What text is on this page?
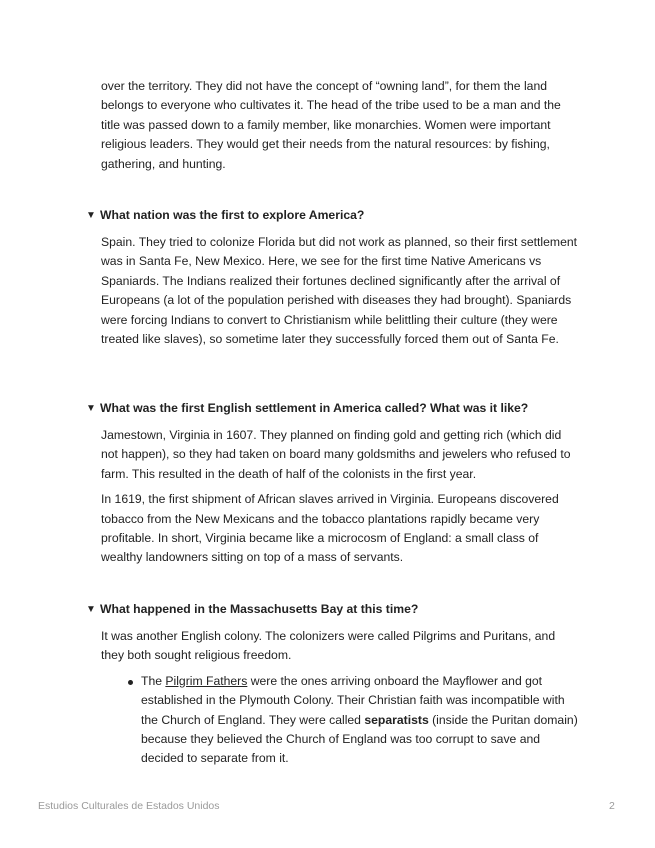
over the territory. They did not have the concept of “owning land”, for them the land belongs to everyone who cultivates it. The head of the tribe used to be a man and the title was passed down to a family member, like monarchies. Women were important religious leaders. They would get their needs from the natural resources: by fishing, gathering, and hunting.

▼ What nation was the first to explore America?

Spain. They tried to colonize Florida but did not work as planned, so their first settlement was in Santa Fe, New Mexico. Here, we see for the first time Native Americans vs Spaniards. The Indians realized their fortunes declined significantly after the arrival of Europeans (a lot of the population perished with diseases they had brought). Spaniards were forcing Indians to convert to Christianism while belittling their culture (they were treated like slaves), so sometime later they successfully forced them out of Santa Fe.

▼ What was the first English settlement in America called? What was it like?

Jamestown, Virginia in 1607. They planned on finding gold and getting rich (which did not happen), so they had taken on board many goldsmiths and jewelers who refused to farm. This resulted in the death of half of the colonists in the first year.

In 1619, the first shipment of African slaves arrived in Virginia. Europeans discovered tobacco from the New Mexicans and the tobacco plantations rapidly became very profitable. In short, Virginia became like a microcosm of England: a small class of wealthy landowners sitting on top of a mass of servants.

▼ What happened in the Massachusetts Bay at this time?

It was another English colony. The colonizers were called Pilgrims and Puritans, and they both sought religious freedom.

The Pilgrim Fathers were the ones arriving onboard the Mayflower and got established in the Plymouth Colony. Their Christian faith was incompatible with the Church of England. They were called separatists (inside the Puritan domain) because they believed the Church of England was too corrupt to save and decided to separate from it.
Estudios Culturales de Estados Unidos	2
